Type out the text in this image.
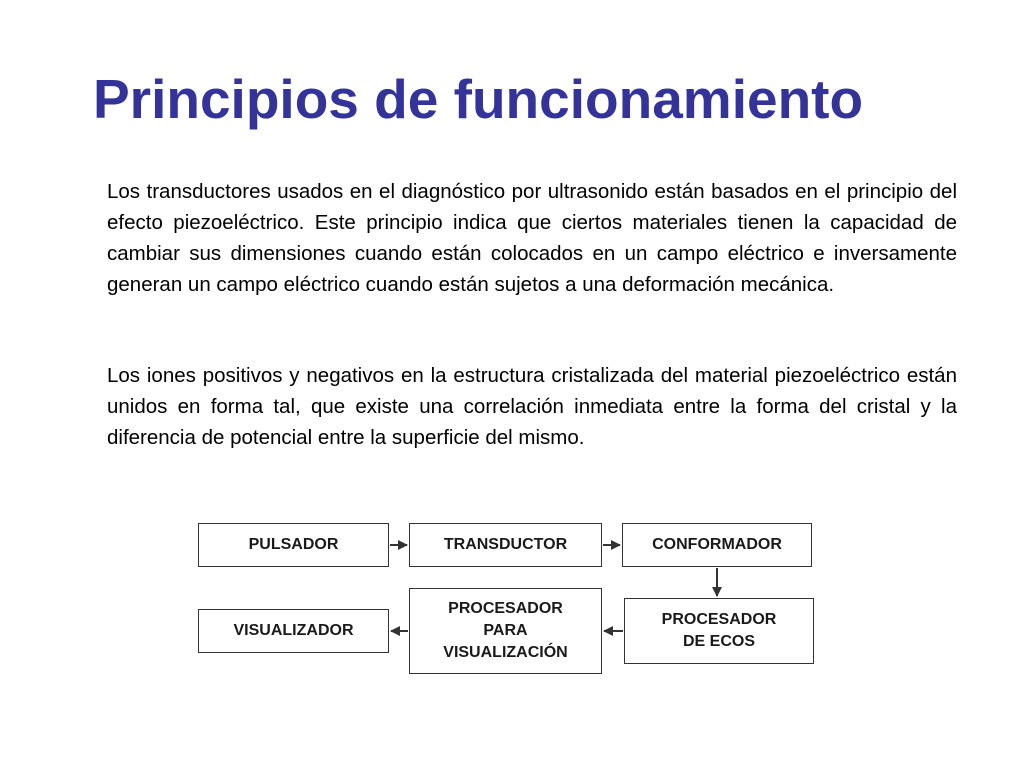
Principios de funcionamiento

Los transductores usados en el diagnóstico por ultrasonido están basados en el principio del efecto piezoeléctrico. Este principio indica que ciertos materiales tienen la capacidad de cambiar sus dimensiones cuando están colocados en un campo eléctrico e inversamente generan un campo eléctrico cuando están sujetos a una deformación mecánica.

Los iones positivos y negativos en la estructura cristalizada del material piezoeléctrico están unidos en forma tal, que existe una correlación inmediata entre la forma del cristal y la diferencia de potencial entre la superficie del mismo.

PULSADOR	TRANSDUCTOR	CONFORMADOR
PROCESADOR
DE ECOS
PROCESADOR
PARA
VISUALIZACIÓN
VISUALIZADOR
